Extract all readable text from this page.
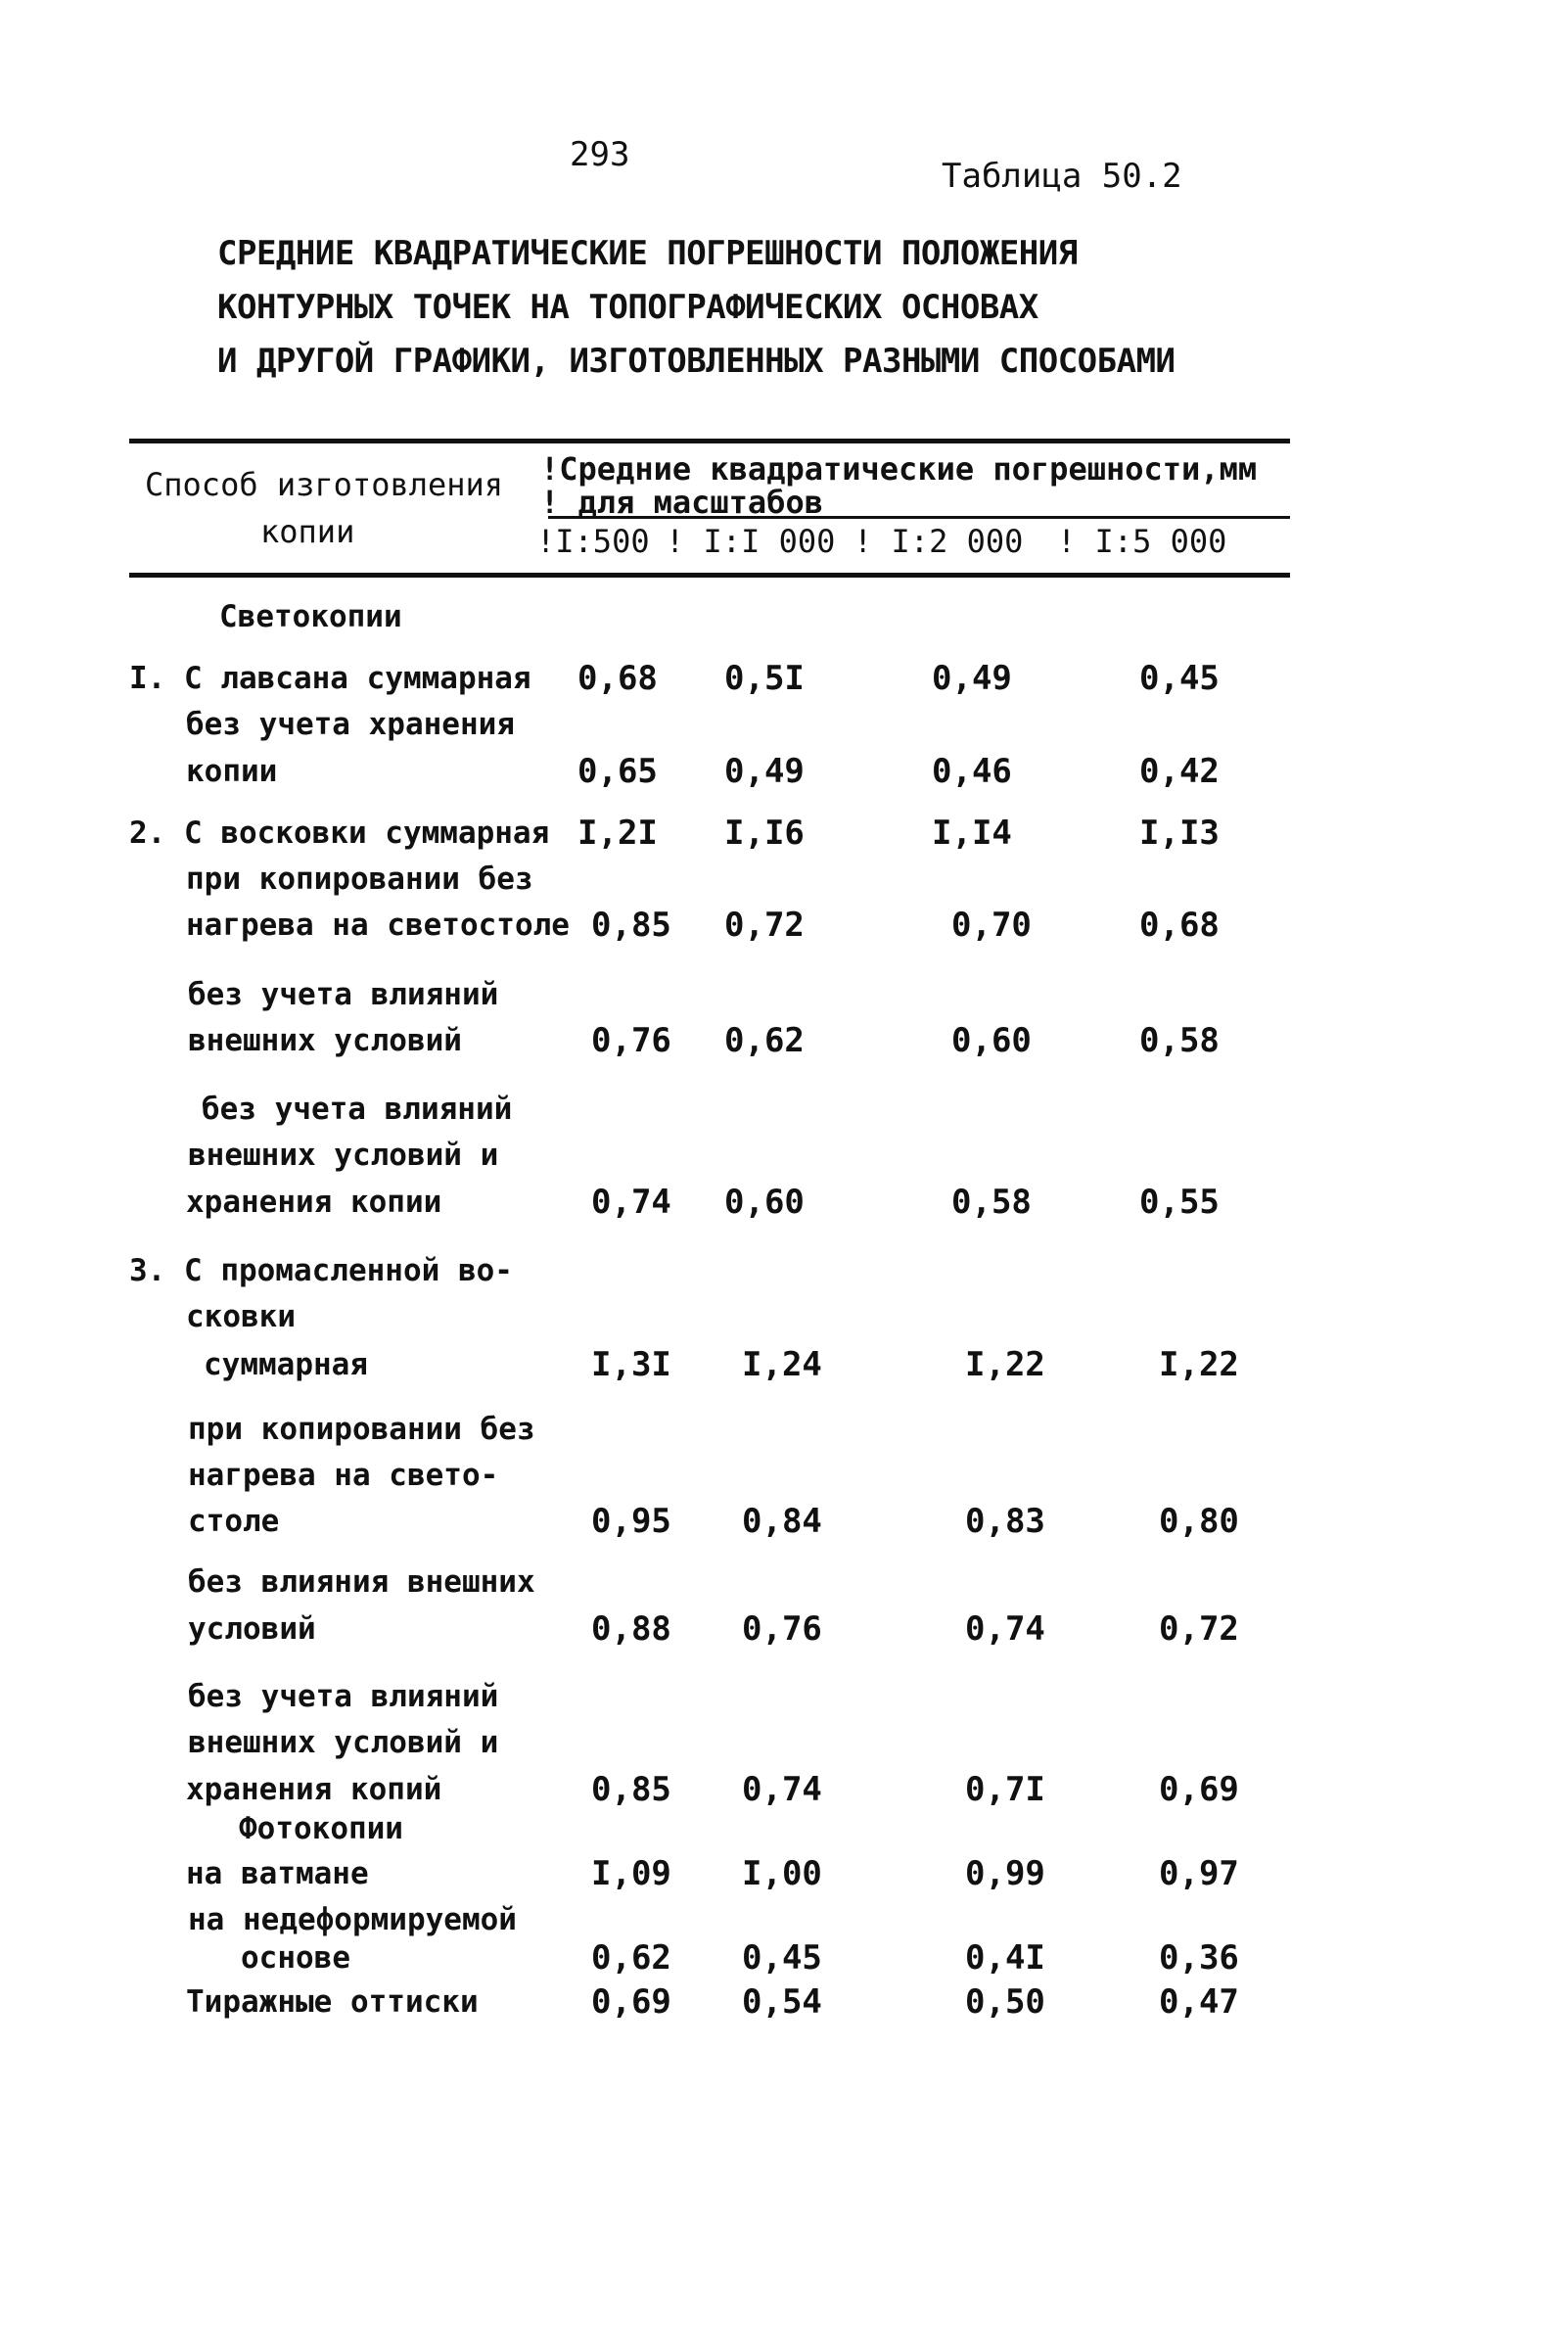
293
Таблица 50.2
СРЕДНИЕ КВАДРАТИЧЕСКИЕ ПОГРЕШНОСТИ ПОЛОЖЕНИЯ
КОНТУРНЫХ ТОЧЕК НА ТОПОГРАФИЧЕСКИХ ОСНОВАХ
И ДРУГОЙ ГРАФИКИ, ИЗГОТОВЛЕННЫХ РАЗНЫМИ СПОСОБАМИ
Способ изготовления
копии
!Средние квадратические погрешности,мм
! для масштабов
!I:500 ! I:I 000 ! I:2 000 ! I:5 000
Светокопии
Фотокопии
I. С лавсана суммарная 0,68 0,5I	0,49	0,45
без учета хранения
копии	0,65 0,49	0,46	0,42
2. С восковки суммарная I,2I I,I6	I,I4	I,I3
при копировании без
нагрева на светостоле 0,85 0,72	0,70	0,68
без учета влияний
внешних условий	0,76 0,62	0,60	0,58
без учета влияний
внешних условий и
хранения копии	0,74 0,60	0,58	0,55
3. С промасленной во-
сковки
суммарная	I,3I I,24	I,22	I,22
при копировании без
нагрева на свето-
столе	0,95 0,84	0,83	0,80
без влияния внешних
условий	0,88 0,76	0,74	0,72
без учета влияний
внешних условий и
хранения копий	0,85 0,74	0,7I	0,69
на ватмане	I,09 I,00	0,99	0,97
на недеформируемой
основе	0,62 0,45	0,4I	0,36
Тиражные оттиски	0,69 0,54	0,50	0,47
